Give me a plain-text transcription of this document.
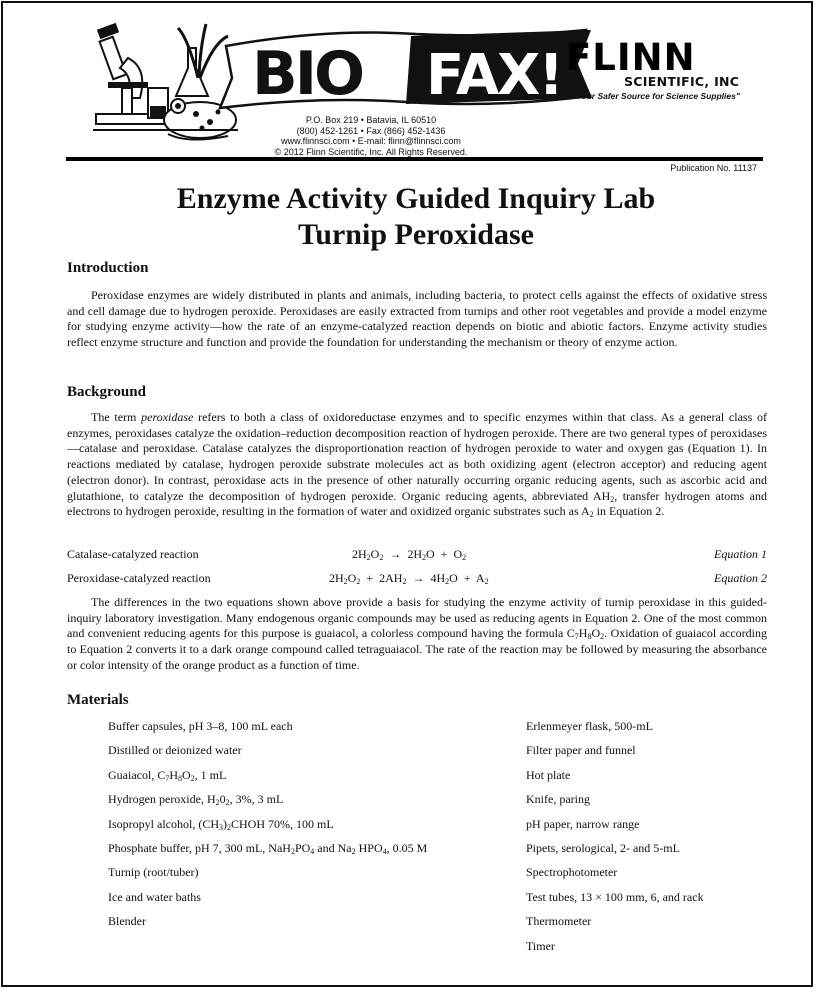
BIO FAX!
P.O. Box 219 • Batavia, IL 60510
(800) 452-1261 • Fax (866) 452-1436
www.flinnsci.com • E-mail: flinn@flinnsci.com
© 2012 Flinn Scientific, Inc. All Rights Reserved.
FLINN
SCIENTIFIC, INC
"Your Safer Source for Science Supplies"
Publication No. 11137
Enzyme Activity Guided Inquiry Lab
Turnip Peroxidase
Introduction
Peroxidase enzymes are widely distributed in plants and animals, including bacteria, to protect cells against the effects of oxidative stress and cell damage due to hydrogen peroxide. Peroxidases are easily extracted from turnips and other root vegetables and provide a model enzyme for studying enzyme activity—how the rate of an enzyme-catalyzed reaction depends on biotic and abiotic factors. Enzyme activity studies reflect enzyme structure and function and provide the foundation for understanding the mechanism or theory of enzyme action.
Background
The term peroxidase refers to both a class of oxidoreductase enzymes and to specific enzymes within that class. As a general class of enzymes, peroxidases catalyze the oxidation–reduction decomposition reaction of hydrogen peroxide. There are two general types of peroxidases—catalase and peroxidase. Catalase catalyzes the disproportionation reaction of hydrogen peroxide to water and oxygen gas (Equation 1). In reactions mediated by catalase, hydrogen peroxide substrate molecules act as both oxidizing agent (electron acceptor) and reducing agent (electron donor). In contrast, peroxidase acts in the presence of other naturally occurring organic reducing agents, such as ascorbic acid and glutathione, to catalyze the decomposition of hydrogen peroxide. Organic reducing agents, abbreviated $AH_2$, transfer hydrogen atoms and electrons to hydrogen peroxide, resulting in the formation of water and oxidized organic substrates such as $A_2$ in Equation 2.
Catalase-catalyzed reaction	$2H_2O_2 \to 2H_2O + O_2$	Equation 1
Peroxidase-catalyzed reaction	$2H_2O_2 + 2AH_2 \to 4H_2O + A_2$	Equation 2
The differences in the two equations shown above provide a basis for studying the enzyme activity of turnip peroxidase in this guided-inquiry laboratory investigation. Many endogenous organic compounds may be used as reducing agents in Equation 2. One of the most common and convenient reducing agents for this purpose is guaiacol, a colorless compound having the formula $C_7H_8O_2$. Oxidation of guaiacol according to Equation 2 converts it to a dark orange compound called tetraguaiacol. The rate of the reaction may be followed by measuring the absorbance or color intensity of the orange product as a function of time.
Materials
Buffer capsules, pH 3–8, 100 mL each
Distilled or deionized water
Guaiacol, $C_7H_8O_2$, 1 mL
Hydrogen peroxide, $H_20_2$, 3%, 3 mL
Isopropyl alcohol, $(CH_3)_2CHOH$ 70%, 100 mL
Phosphate buffer, pH 7, 300 mL, $NaH_2PO_4$ and $Na_2$ $HPO_4$, 0.05 M
Turnip (root/tuber)
Ice and water baths
Blender
Erlenmeyer flask, 500-mL
Filter paper and funnel
Hot plate
Knife, paring
pH paper, narrow range
Pipets, serological, 2- and 5-mL
Spectrophotometer
Test tubes, 13 × 100 mm, 6, and rack
Thermometer
Timer
